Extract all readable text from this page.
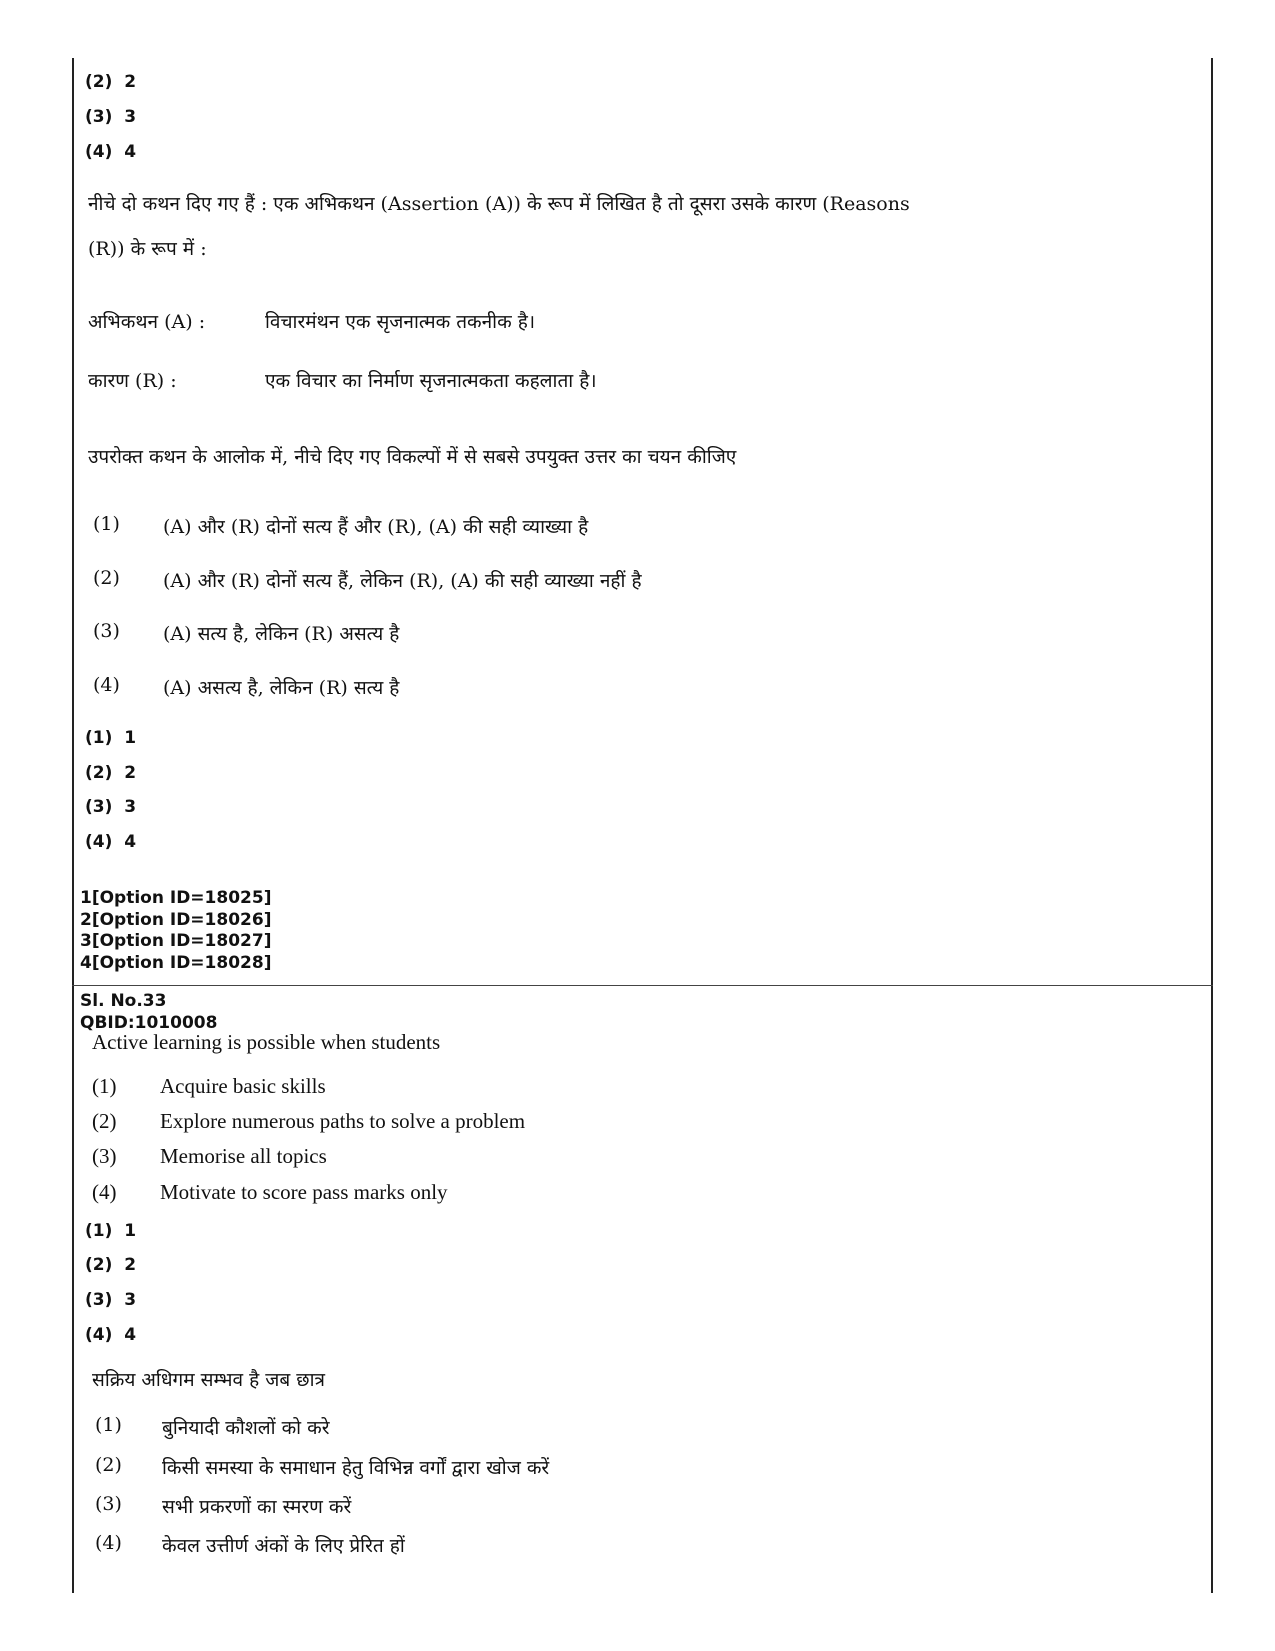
(2)  2
(3)  3
(4)  4
नीचे दो कथन दिए गए हैं : एक अभिकथन (Assertion (A)) के रूप में लिखित है तो दूसरा उसके कारण (Reasons
(R)) के रूप में :
अभिकथन (A) :	विचारमंथन एक सृजनात्मक तकनीक है।
कारण (R) :	एक विचार का निर्माण सृजनात्मकता कहलाता है।
उपरोक्त कथन के आलोक में, नीचे दिए गए विकल्पों में से सबसे उपयुक्त उत्तर का चयन कीजिए
(1) (A) और (R) दोनों सत्य हैं और (R), (A) की सही व्याख्या है
(2) (A) और (R) दोनों सत्य हैं, लेकिन (R), (A) की सही व्याख्या नहीं है
(3) (A) सत्य है, लेकिन (R) असत्य है
(4) (A) असत्य है, लेकिन (R) सत्य है
(1)  1
(2)  2
(3)  3
(4)  4
1[Option ID=18025]
2[Option ID=18026]
3[Option ID=18027]
4[Option ID=18028]
Sl. No.33
QBID:1010008
Active learning is possible when students
(1) Acquire basic skills
(2) Explore numerous paths to solve a problem
(3) Memorise all topics
(4) Motivate to score pass marks only
(1)  1
(2)  2
(3)  3
(4)  4
सक्रिय अधिगम सम्भव है जब छात्र
(1) बुनियादी कौशलों को करे
(2) किसी समस्या के समाधान हेतु विभिन्न वर्गों द्वारा खोज करें
(3) सभी प्रकरणों का स्मरण करें
(4) केवल उत्तीर्ण अंकों के लिए प्रेरित हों
